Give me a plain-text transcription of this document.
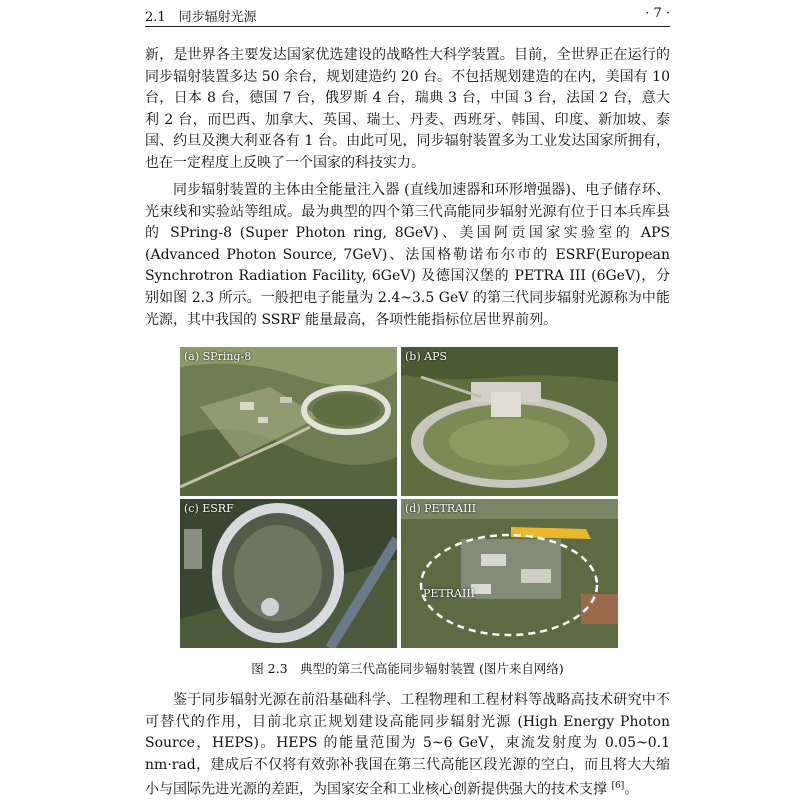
2.1　同步辐射光源	· 7 ·
新，是世界各主要发达国家优选建设的战略性大科学装置。目前，全世界正在运行的同步辐射装置多达 50 余台，规划建造约 20 台。不包括规划建造的在内，美国有 10 台，日本 8 台，德国 7 台，俄罗斯 4 台，瑞典 3 台，中国 3 台，法国 2 台，意大利 2 台，而巴西、加拿大、英国、瑞士、丹麦、西班牙、韩国、印度、新加坡、泰国、约旦及澳大利亚各有 1 台。由此可见，同步辐射装置多为工业发达国家所拥有，也在一定程度上反映了一个国家的科技实力。
同步辐射装置的主体由全能量注入器 (直线加速器和环形增强器)、电子储存环、光束线和实验站等组成。最为典型的四个第三代高能同步辐射光源有位于日本兵库县的 SPring-8 (Super Photon ring, 8GeV)、美国阿贡国家实验室的 APS (Advanced Photon Source, 7GeV)、法国格勒诺布尔市的 ESRF(European Synchrotron Radiation Facility, 6GeV) 及德国汉堡的 PETRA III (6GeV)，分别如图 2.3 所示。一般把电子能量为 2.4~3.5 GeV 的第三代同步辐射光源称为中能光源，其中我国的 SSRF 能量最高，各项性能指标位居世界前列。
(a) SPring-8	(b) APS
(c) ESRF	(d) PETRAIII
PETRAIII
图 2.3　典型的第三代高能同步辐射装置 (图片来自网络)
鉴于同步辐射光源在前沿基础科学、工程物理和工程材料等战略高技术研究中不可替代的作用，目前北京正规划建设高能同步辐射光源 (High Energy Photon Source，HEPS)。HEPS 的能量范围为 5~6 GeV，束流发射度为 0.05~0.1 nm·rad，建成后不仅将有效弥补我国在第三代高能区段光源的空白，而且将大大缩小与国际先进光源的差距，为国家安全和工业核心创新提供强大的技术支撑 [6]。
